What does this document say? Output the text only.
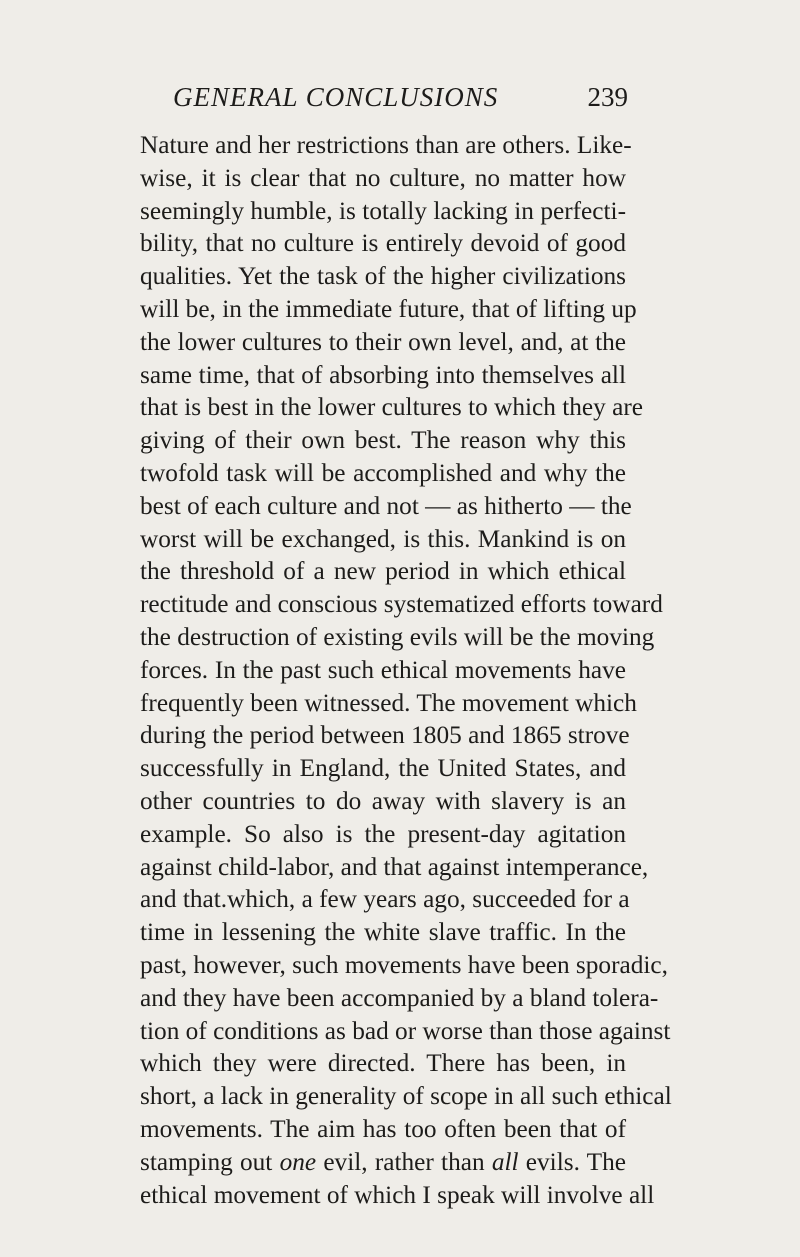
GENERAL CONCLUSIONS	239
Nature and her restrictions than are others. Like-
wise, it is clear that no culture, no matter how
seemingly humble, is totally lacking in perfecti-
bility, that no culture is entirely devoid of good
qualities. Yet the task of the higher civilizations
will be, in the immediate future, that of lifting up
the lower cultures to their own level, and, at the
same time, that of absorbing into themselves all
that is best in the lower cultures to which they are
giving of their own best. The reason why this
twofold task will be accomplished and why the
best of each culture and not — as hitherto — the
worst will be exchanged, is this. Mankind is on
the threshold of a new period in which ethical
rectitude and conscious systematized efforts toward
the destruction of existing evils will be the moving
forces. In the past such ethical movements have
frequently been witnessed. The movement which
during the period between 1805 and 1865 strove
successfully in England, the United States, and
other countries to do away with slavery is an
example. So also is the present-day agitation
against child-labor, and that against intemperance,
and that.which, a few years ago, succeeded for a
time in lessening the white slave traffic. In the
past, however, such movements have been sporadic,
and they have been accompanied by a bland tolera-
tion of conditions as bad or worse than those against
which they were directed. There has been, in
short, a lack in generality of scope in all such ethical
movements. The aim has too often been that of
stamping out one evil, rather than all evils. The
ethical movement of which I speak will involve all
